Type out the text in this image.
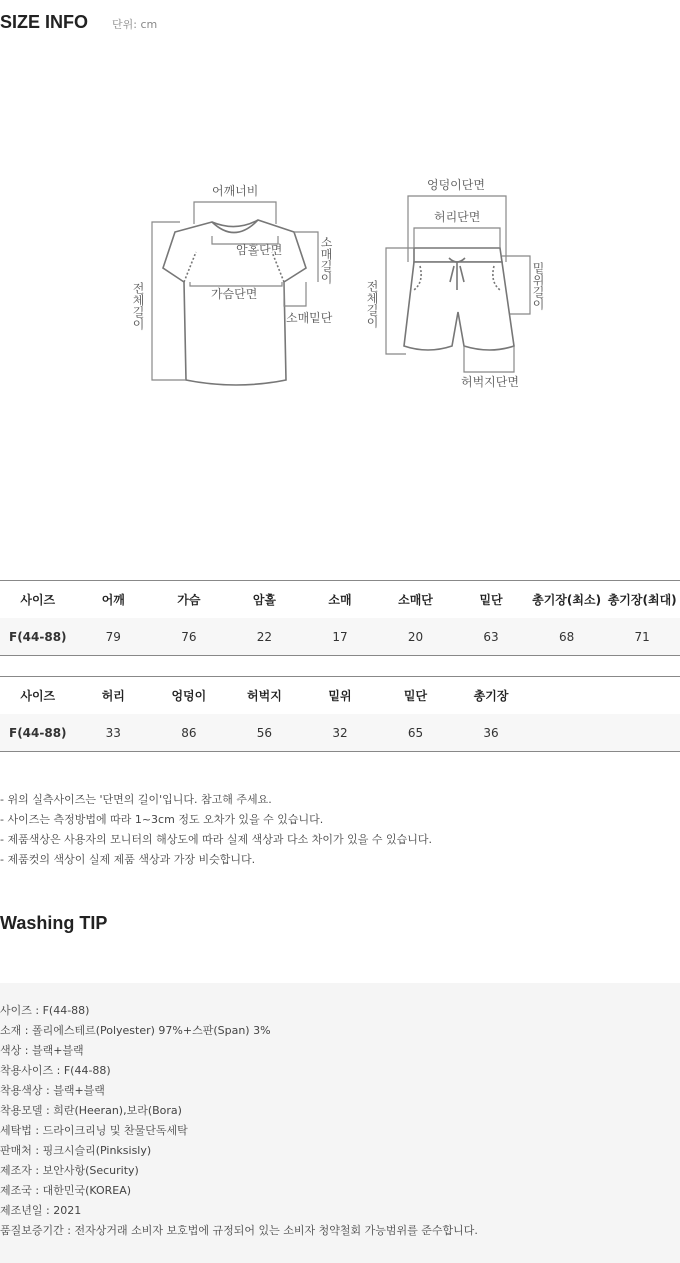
SIZE INFO 단위: cm
어깨너비
암홀단면
가슴단면
소매밑단
전체길이
소매길이
엉덩이단면
허리단면
허벅지단면
전체길이	밑위길이
사이즈	어깨	가슴	암홀	소매	소매단	밑단	총기장(최소)	총기장(최대)
F(44-88)	79	76	22	17	20	63	68	71
사이즈	허리	엉덩이	허벅지	밑위	밑단	총기장		
F(44-88)	33	86	56	32	65	36		
- 위의 실측사이즈는 '단면의 길이'입니다. 참고해 주세요.
- 사이즈는 측정방법에 따라 1~3cm 정도 오차가 있을 수 있습니다.
- 제품색상은 사용자의 모니터의 해상도에 따라 실제 색상과 다소 차이가 있을 수 있습니다.
- 제품컷의 색상이 실제 제품 색상과 가장 비슷합니다.
Washing TIP
사이즈 : F(44-88)
소재 : 폴리에스테르(Polyester) 97%+스판(Span) 3%
색상 : 블랙+블랙
착용사이즈 : F(44-88)
착용색상 : 블랙+블랙
착용모델 : 희란(Heeran),보라(Bora)
세탁법 : 드라이크리닝 및 찬물단독세탁
판매처 : 핑크시슬리(Pinksisly)
제조자 : 보안사항(Security)
제조국 : 대한민국(KOREA)
제조년일 : 2021
품질보증기간 : 전자상거래 소비자 보호법에 규정되어 있는 소비자 청약철회 가능범위를 준수합니다.
